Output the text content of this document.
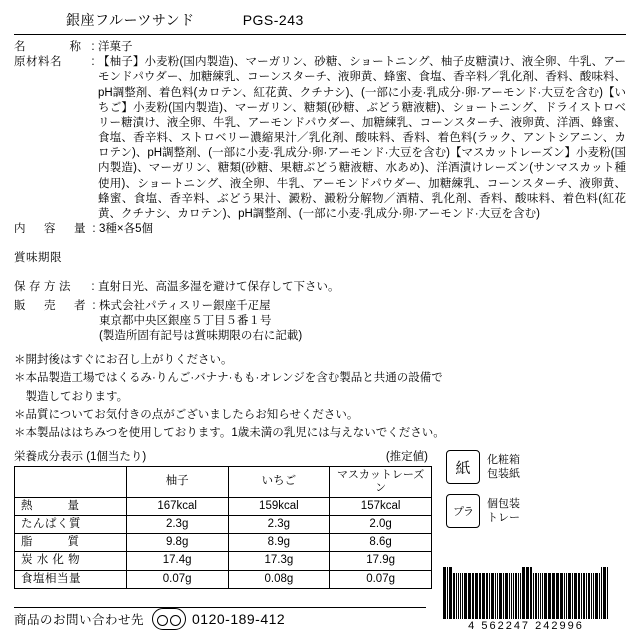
銀座フルーツサンド	PGS-243
名　　称 : 洋菓子
原材料名	: 【柚子】小麦粉(国内製造)、マーガリン、砂糖、ショートニング、柚子皮糖漬け、液全卵、牛乳、アーモンドパウダー、加糖練乳、コーンスターチ、液卵黄、蜂蜜、食塩、香辛料／乳化剤、香料、酸味料、pH調整剤、着色料(カロテン、紅花黄、クチナシ)、(一部に小麦·乳成分·卵·アーモンド·大豆を含む)【いちご】小麦粉(国内製造)、マーガリン、糖類(砂糖、ぶどう糖液糖)、ショートニング、ドライストロベリー糖漬け、液全卵、牛乳、アーモンドパウダー、加糖練乳、コーンスターチ、液卵黄、洋酒、蜂蜜、食塩、香辛料、ストロベリー濃縮果汁／乳化剤、酸味料、香料、着色料(ラック、アントシアニン、カロテン)、pH調整剤、(一部に小麦·乳成分·卵·アーモンド·大豆を含む)【マスカットレーズン】小麦粉(国内製造)、マーガリン、糖類(砂糖、果糖ぶどう糖液糖、水あめ)、洋酒漬けレーズン(サンマスカット種使用)、ショートニング、液全卵、牛乳、アーモンドパウダー、加糖練乳、コーンスターチ、液卵黄、蜂蜜、食塩、香辛料、ぶどう果汁、澱粉、澱粉分解物／酒精、乳化剤、香料、酸味料、着色料(紅花黄、クチナシ、カロテン)、pH調整剤、(一部に小麦·乳成分·卵·アーモンド·大豆を含む)
内　容　量 : 3種×各5個
賞味期限
保存方法	: 直射日光、高温多湿を避けて保存して下さい。
販　売　者 : 株式会社パティスリー銀座千疋屋
東京都中央区銀座５丁目５番１号
(製造所固有記号は賞味期限の右に記載)
＊開封後はすぐにお召し上がりください。
＊本品製造工場ではくるみ·りんご·バナナ·もも·オレンジを含む製品と共通の設備で
　製造しております。
＊品質についてお気付きの点がございましたらお知らせください。
＊本製品ははちみつを使用しております。1歳未満の乳児には与えないでください。
栄養成分表示 (1個当たり)	(推定値)
	柚子	いちご	マスカットレーズン
熱　　量	167kcal	159kcal	157kcal
たんぱく質	2.3g	2.3g	2.0g
脂　　質	9.8g	8.9g	8.6g
炭 水 化 物	17.4g	17.3g	17.9g
食塩相当量	0.07g	0.08g	0.07g
紙	化粧箱
包装紙
プラ
個包装
トレー
商品のお問い合わせ先	0120-189-412	4 562247 242996
